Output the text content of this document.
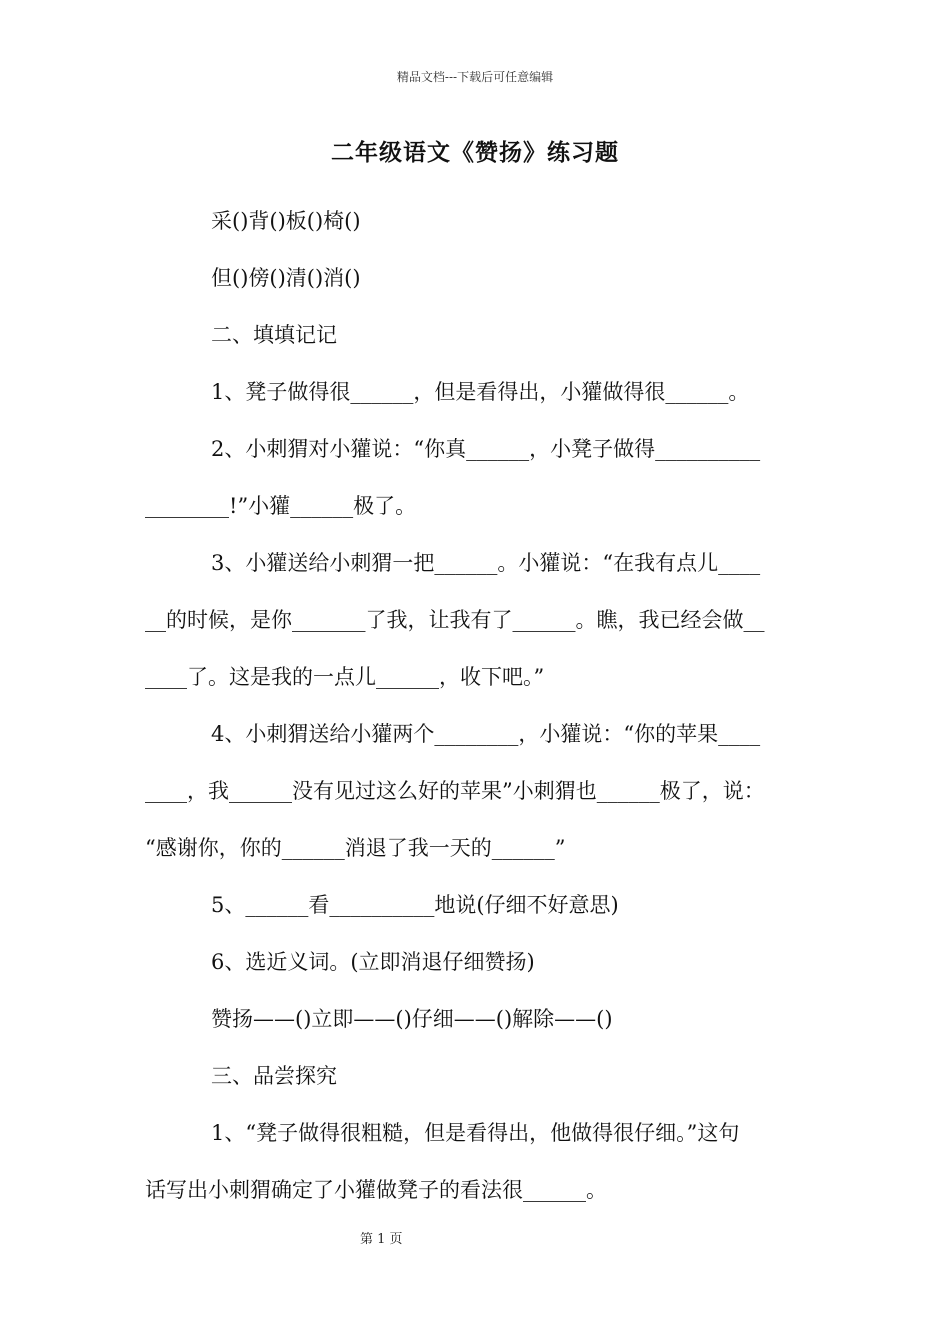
精品文档---下载后可任意编辑
二年级语文《赞扬》练习题
采()背()板()椅()
但()傍()清()消()
二、填填记记
1、凳子做得很______，但是看得出，小獾做得很______。
2、小刺猬对小獾说：“你真______，小凳子做得__________
________!”小獾______极了。
3、小獾送给小刺猬一把______。小獾说：“在我有点儿____
__的时候，是你_______了我，让我有了______。瞧，我已经会做__
____了。这是我的一点儿______，收下吧。”
4、小刺猬送给小獾两个________，小獾说：“你的苹果____
____，我______没有见过这么好的苹果”小刺猬也______极了，说：
“感谢你，你的______消退了我一天的______”
5、______看__________地说(仔细不好意思)
6、选近义词。(立即消退仔细赞扬)
赞扬——()立即——()仔细——()解除——()
三、品尝探究
1、“凳子做得很粗糙，但是看得出，他做得很仔细。”这句
话写出小刺猬确定了小獾做凳子的看法很______。
第 1 页
